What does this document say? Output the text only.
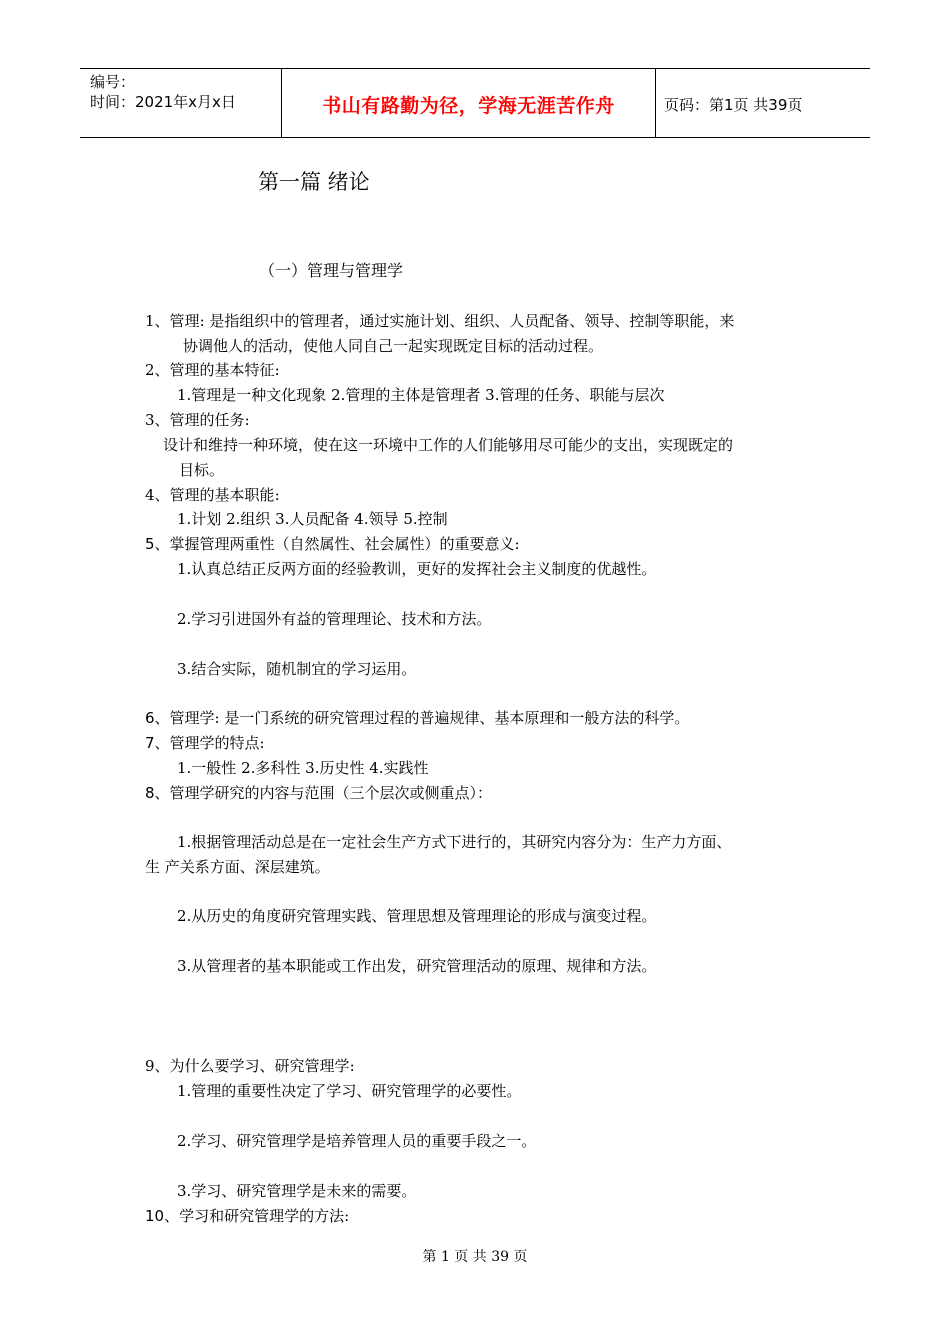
编号：
时间：2021年x月x日	书山有路勤为径，学海无涯苦作舟	页码：第1页 共39页
第一篇 绪论
（一）管理与管理学
1、管理: 是指组织中的管理者，通过实施计划、组织、人员配备、领导、控制等职能，来
协调他人的活动，使他人同自己一起实现既定目标的活动过程。
2、管理的基本特征:
1.管理是一种文化现象 2.管理的主体是管理者 3.管理的任务、职能与层次
3、管理的任务:
设计和维持一种环境，使在这一环境中工作的人们能够用尽可能少的支出，实现既定的
目标。
4、管理的基本职能:
1.计划 2.组织 3.人员配备 4.领导 5.控制
5、掌握管理两重性（自然属性、社会属性）的重要意义:
1.认真总结正反两方面的经验教训，更好的发挥社会主义制度的优越性。
2.学习引进国外有益的管理理论、技术和方法。
3.结合实际，随机制宜的学习运用。
6、管理学: 是一门系统的研究管理过程的普遍规律、基本原理和一般方法的科学。
7、管理学的特点:
1.一般性 2.多科性 3.历史性 4.实践性
8、管理学研究的内容与范围（三个层次或侧重点）：
1.根据管理活动总是在一定社会生产方式下进行的，其研究内容分为：生产力方面、
生 产关系方面、深层建筑。
2.从历史的角度研究管理实践、管理思想及管理理论的形成与演变过程。
3.从管理者的基本职能或工作出发，研究管理活动的原理、规律和方法。
9、为什么要学习、研究管理学:
1.管理的重要性决定了学习、研究管理学的必要性。
2.学习、研究管理学是培养管理人员的重要手段之一。
3.学习、研究管理学是未来的需要。
10、学习和研究管理学的方法:
第 1 页 共 39 页
